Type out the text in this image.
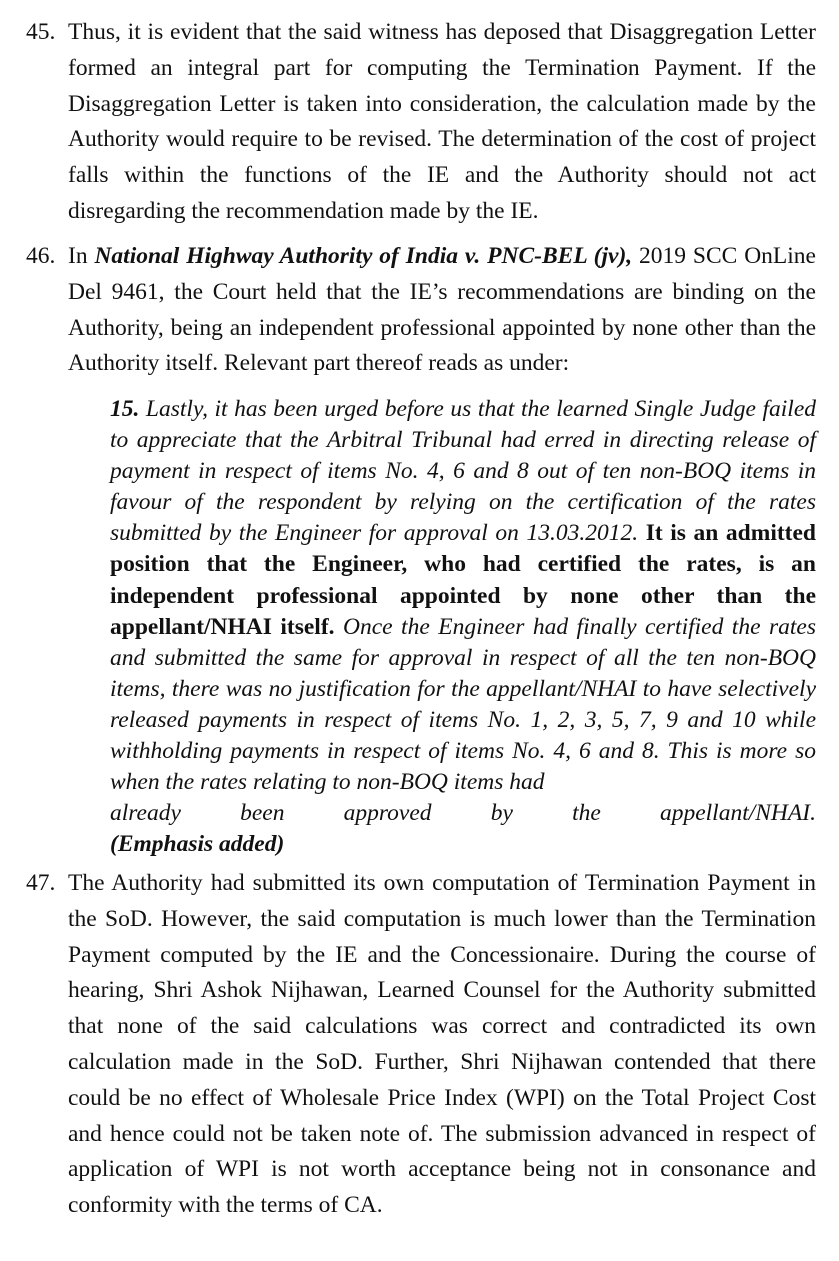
45. Thus, it is evident that the said witness has deposed that Disaggregation Letter formed an integral part for computing the Termination Payment. If the Disaggregation Letter is taken into consideration, the calculation made by the Authority would require to be revised. The determination of the cost of project falls within the functions of the IE and the Authority should not act disregarding the recommendation made by the IE.
46. In National Highway Authority of India v. PNC-BEL (jv), 2019 SCC OnLine Del 9461, the Court held that the IE’s recommendations are binding on the Authority, being an independent professional appointed by none other than the Authority itself. Relevant part thereof reads as under:
15. Lastly, it has been urged before us that the learned Single Judge failed to appreciate that the Arbitral Tribunal had erred in directing release of payment in respect of items No. 4, 6 and 8 out of ten non-BOQ items in favour of the respondent by relying on the certification of the rates submitted by the Engineer for approval on 13.03.2012. It is an admitted position that the Engineer, who had certified the rates, is an independent professional appointed by none other than the appellant/NHAI itself. Once the Engineer had finally certified the rates and submitted the same for approval in respect of all the ten non-BOQ items, there was no justification for the appellant/NHAI to have selectively released payments in respect of items No. 1, 2, 3, 5, 7, 9 and 10 while withholding payments in respect of items No. 4, 6 and 8. This is more so when the rates relating to non-BOQ items had
already	been	approved	by	the	appellant/NHAI.
(Emphasis added)
47. The Authority had submitted its own computation of Termination Payment in the SoD. However, the said computation is much lower than the Termination Payment computed by the IE and the Concessionaire. During the course of hearing, Shri Ashok Nijhawan, Learned Counsel for the Authority submitted that none of the said calculations was correct and contradicted its own calculation made in the SoD. Further, Shri Nijhawan contended that there could be no effect of Wholesale Price Index (WPI) on the Total Project Cost and hence could not be taken note of. The submission advanced in respect of application of WPI is not worth acceptance being not in consonance and conformity with the terms of CA.
